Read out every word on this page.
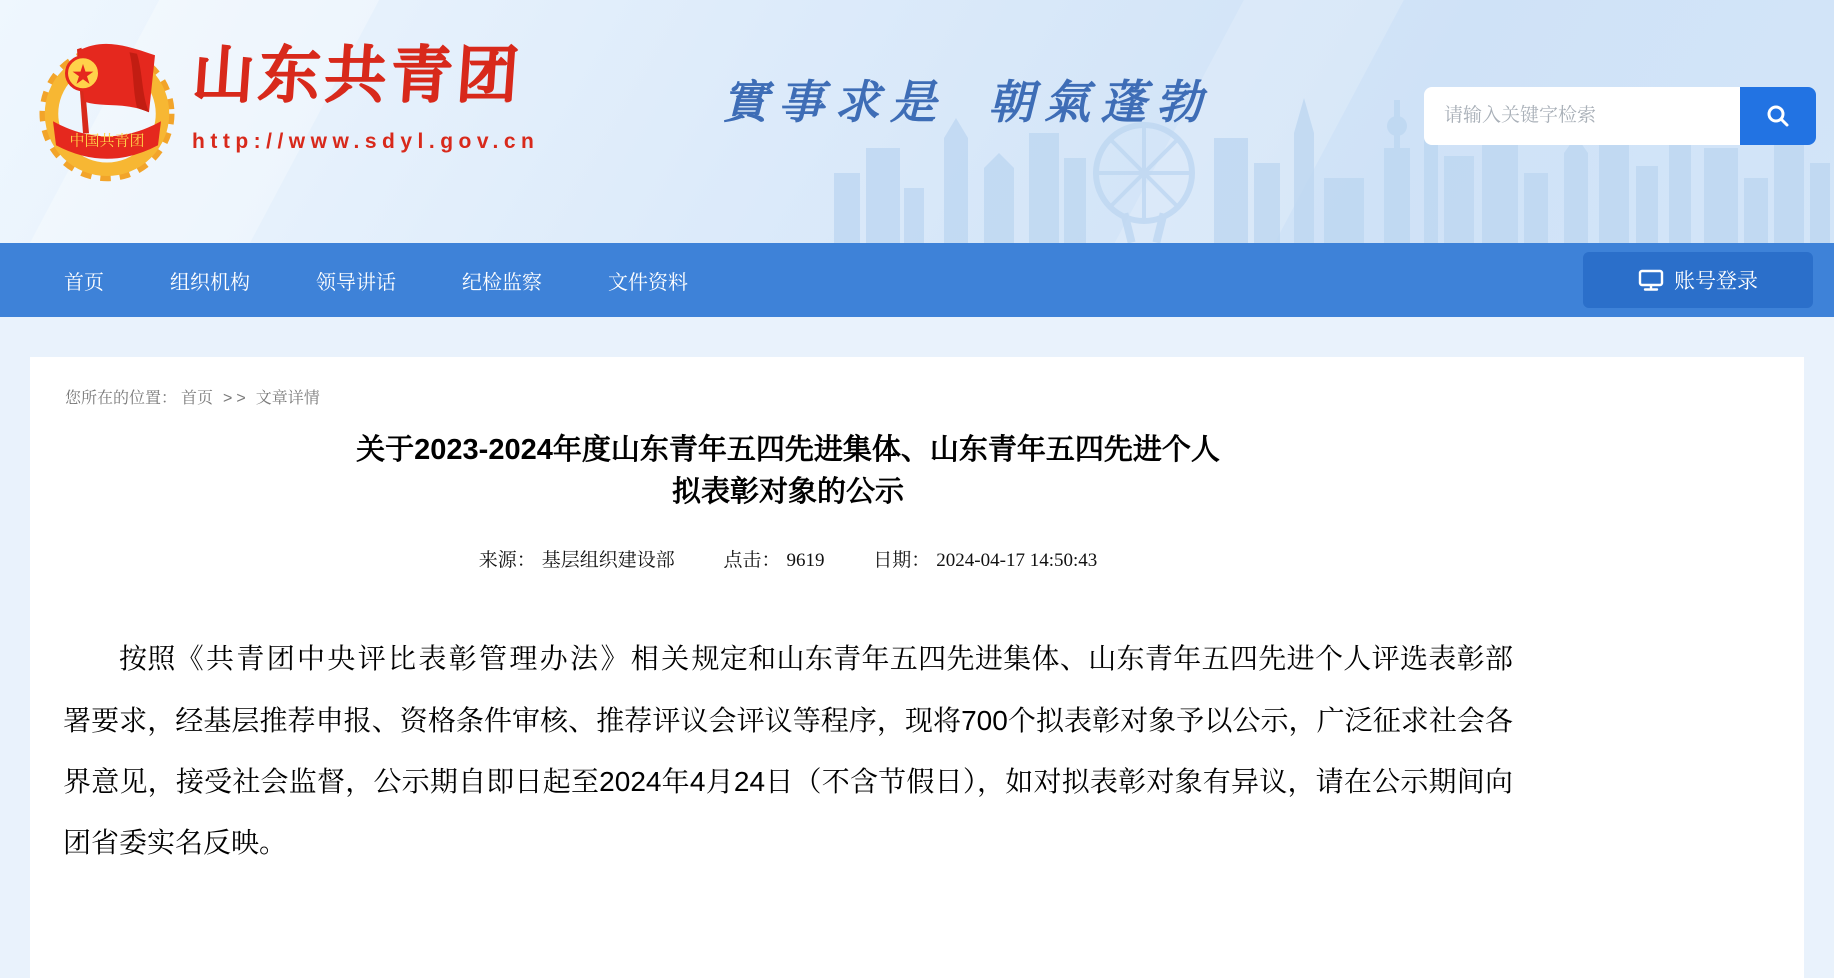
★
中国共青团
山东共青团
http://www.sdyl.gov.cn
實事求是 朝氣蓬勃
请输入关键字检索
首页	组织机构	领导讲话	纪检监察	文件资料	账号登录
您所在的位置： 首页 >> 文章详情
关于2023-2024年度山东青年五四先进集体、山东青年五四先进个人
拟表彰对象的公示
来源： 基层组织建设部	点击： 9619	日期： 2024-04-17 14:50:43

按照《共青团中央评比表彰管理办法》相关规定和山东青年五四先进集体、山东青年五四先进个人评选表彰部署要求，经基层推荐申报、资格条件审核、推荐评议会评议等程序，现将700个拟表彰对象予以公示，广泛征求社会各界意见，接受社会监督，公示期自即日起至2024年4月24日（不含节假日），如对拟表彰对象有异议，请在公示期间向团省委实名反映。
